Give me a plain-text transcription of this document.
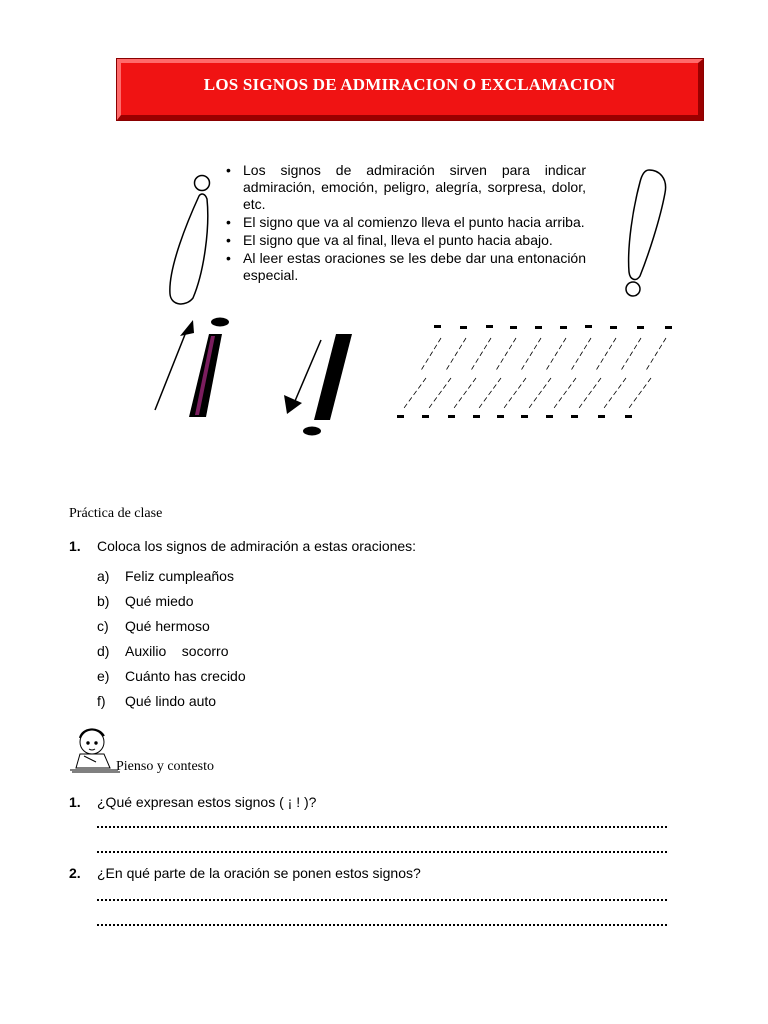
LOS SIGNOS DE ADMIRACION O EXCLAMACION
• Los signos de admiración sirven para indicar admiración, emoción, peligro, alegría, sorpresa, dolor, etc.
• El signo que va al comienzo lleva el punto hacia arriba.
• El signo que va al final, lleva el punto hacia abajo.
• Al leer estas oraciones se les debe dar una entonación especial.
Práctica de clase
1. Coloca los signos de admiración a estas oraciones:
a) Feliz cumpleaños
b) Qué miedo
c) Qué hermoso
d) Auxilio    socorro
e) Cuánto has crecido
f) Qué lindo auto
Pienso y contesto
1. ¿Qué expresan estos signos ( ¡ ! )?
2. ¿En qué parte de la oración se ponen estos signos?
